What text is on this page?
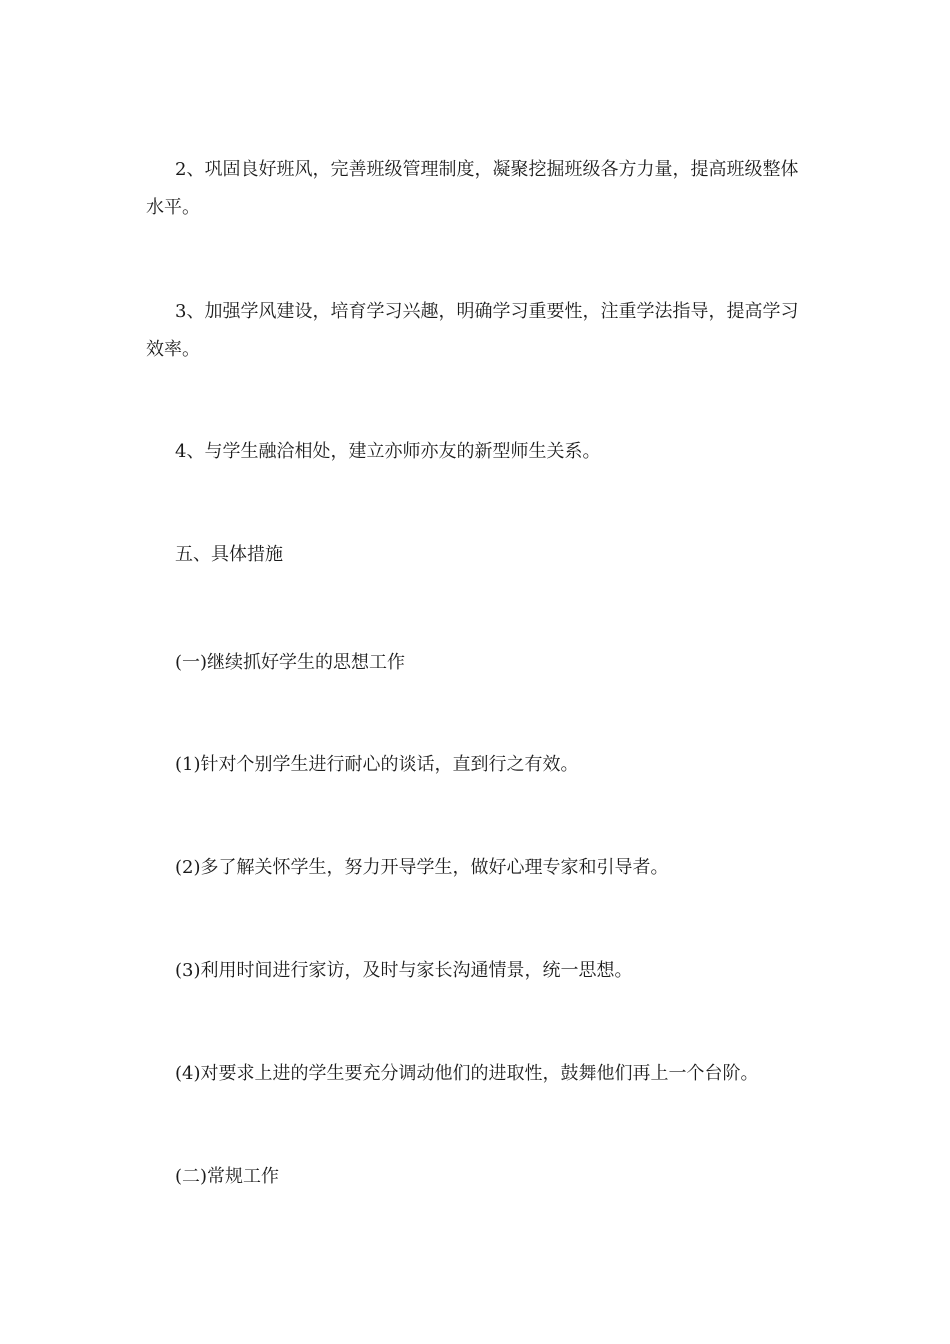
2、巩固良好班风，完善班级管理制度，凝聚挖掘班级各方力量，提高班级整体水平。

3、加强学风建设，培育学习兴趣，明确学习重要性，注重学法指导，提高学习效率。

4、与学生融洽相处，建立亦师亦友的新型师生关系。

五、具体措施

(一)继续抓好学生的思想工作

(1)针对个别学生进行耐心的谈话，直到行之有效。

(2)多了解关怀学生，努力开导学生，做好心理专家和引导者。

(3)利用时间进行家访，及时与家长沟通情景，统一思想。

(4)对要求上进的学生要充分调动他们的进取性，鼓舞他们再上一个台阶。

(二)常规工作
